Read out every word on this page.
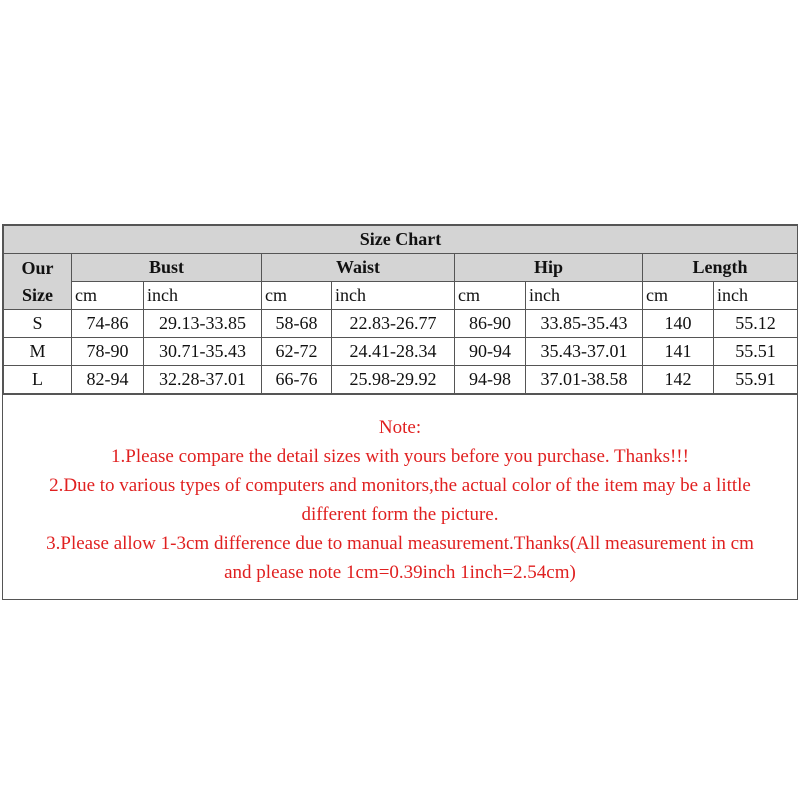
Size Chart								

Our
Size	Bust		Waist		Hip		Length	
	cm	inch	cm	inch	cm	inch	cm	inch
S	74-86	29.13-33.85	58-68	22.83-26.77	86-90	33.85-35.43	140	55.12
M	78-90	30.71-35.43	62-72	24.41-28.34	90-94	35.43-37.01	141	55.51
L	82-94	32.28-37.01	66-76	25.98-29.92	94-98	37.01-38.58	142	55.91
Note:
1.Please compare the detail sizes with yours before you purchase. Thanks!!!
2.Due to various types of computers and monitors,the actual color of the item may be a little
different form the picture.
3.Please allow 1-3cm difference due to manual measurement.Thanks(All measurement in cm
and please note 1cm=0.39inch 1inch=2.54cm)
